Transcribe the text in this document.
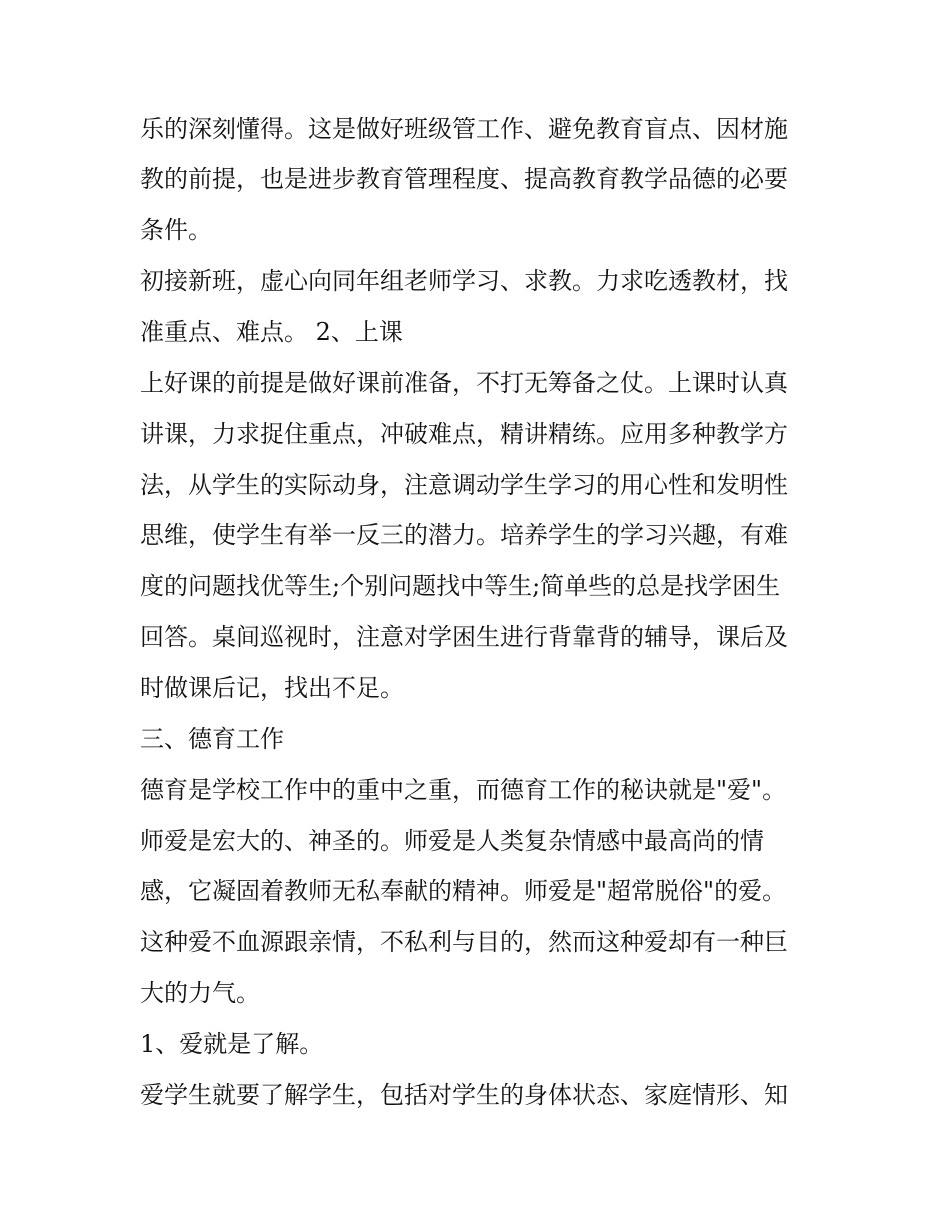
乐的深刻懂得。这是做好班级管工作、避免教育盲点、因材施
教的前提，也是进步教育管理程度、提高教育教学品德的必要
条件。
初接新班，虚心向同年组老师学习、求教。力求吃透教材，找
准重点、难点。 2、上课
上好课的前提是做好课前准备，不打无筹备之仗。上课时认真
讲课，力求捉住重点，冲破难点，精讲精练。应用多种教学方
法，从学生的实际动身，注意调动学生学习的用心性和发明性
思维，使学生有举一反三的潜力。培养学生的学习兴趣，有难
度的问题找优等生;个别问题找中等生;简单些的总是找学困生
回答。桌间巡视时，注意对学困生进行背靠背的辅导，课后及
时做课后记，找出不足。
三、德育工作
德育是学校工作中的重中之重，而德育工作的秘诀就是"爱"。
师爱是宏大的、神圣的。师爱是人类复杂情感中最高尚的情
感，它凝固着教师无私奉献的精神。师爱是"超常脱俗"的爱。
这种爱不血源跟亲情，不私利与目的，然而这种爱却有一种巨
大的力气。
1、爱就是了解。
爱学生就要了解学生，包括对学生的身体状态、家庭情形、知
